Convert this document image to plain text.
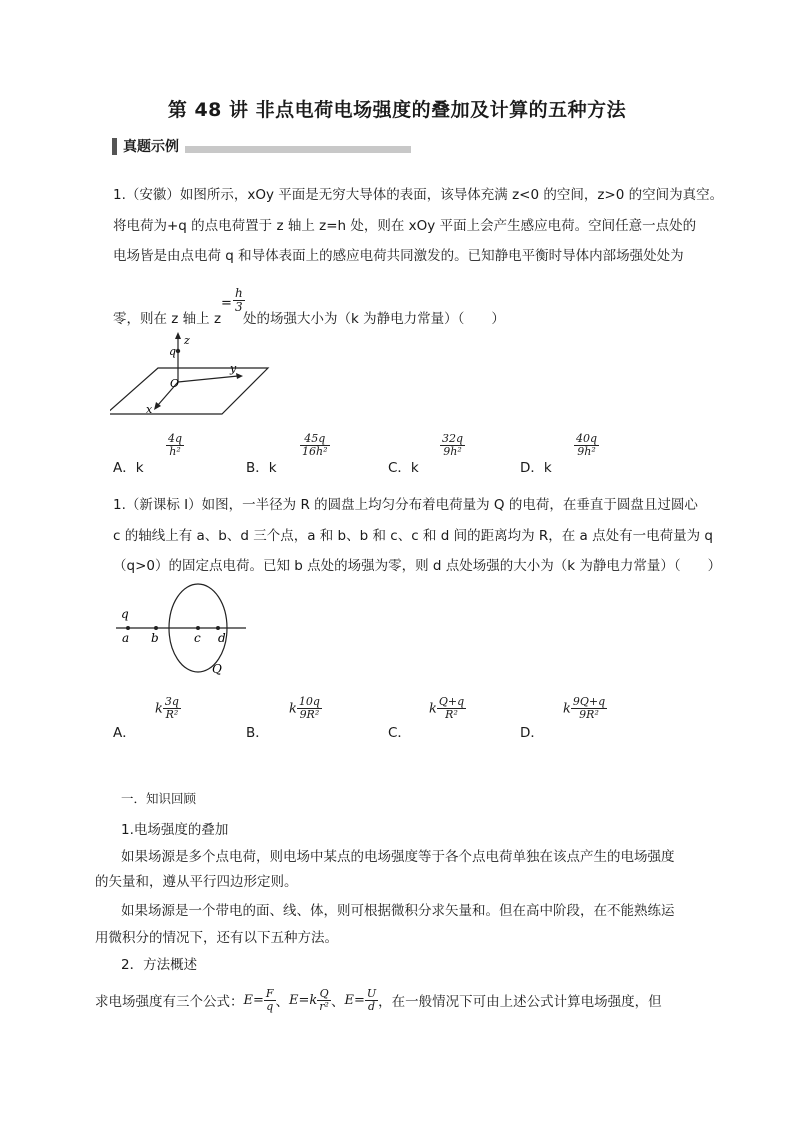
第 48 讲 非点电荷电场强度的叠加及计算的五种方法
真题示例
1.（安徽）如图所示，xOy 平面是无穷大导体的表面，该导体充满 z<0 的空间，z>0 的空间为真空。
将电荷为+q 的点电荷置于 z 轴上 z=h 处，则在 xOy 平面上会产生感应电荷。空间任意一点处的
电场皆是由点电荷 q 和导体表面上的感应电荷共同激发的。已知静电平衡时导体内部场强处处为
零，则在 z 轴上 z
= $\frac{h}{3}$
处的场强大小为（k 为静电力常量）（　　）
q
z
O
y
x
A．k
$\frac{4q}{\text{h²}}$
B．k
$\frac{45q}{\text{16h²}}$
C．k
$\frac{32q}{\text{9h²}}$
D．k
$\frac{40q}{\text{9h²}}$
1.（新课标 I）如图，一半径为 R 的圆盘上均匀分布着电荷量为 Q 的电荷，在垂直于圆盘且过圆心
c 的轴线上有 a、b、d 三个点，a 和 b、b 和 c、c 和 d 间的距离均为 R，在 a 点处有一电荷量为 q
（q>0）的固定点电荷。已知 b 点处的场强为零，则 d 点处场强的大小为（k 为静电力常量）（　　）
q
a b	c d
Q
A．
k $\frac{3q}{\text{R²}}$
B．
k $\frac{10q}{\text{9R²}}$
C．
k $\frac{Q+q}{\text{R²}}$
D．
k $\frac{9Q+q}{\text{9R²}}$
一．知识回顾
1.电场强度的叠加
如果场源是多个点电荷，则电场中某点的电场强度等于各个点电荷单独在该点产生的电场强度
的矢量和，遵从平行四边形定则。
如果场源是一个带电的面、线、体，则可根据微积分求矢量和。但在高中阶段，在不能熟练运
用微积分的情况下，还有以下五种方法。
2．方法概述
求电场强度有三个公式： $E= \frac{F}{q}$ 、 $E=k \frac{Q}{\text{r²}}$ 、 $E= \frac{U}{d}$ ，在一般情况下可由上述公式计算电场强度，但
